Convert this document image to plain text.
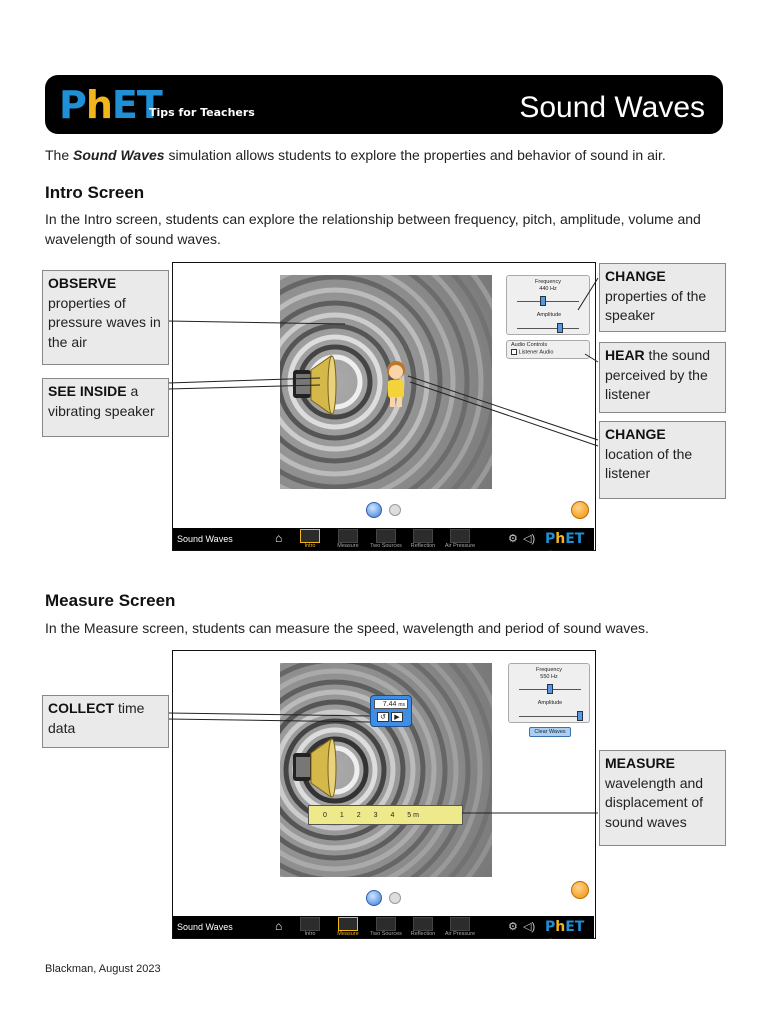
PhET
Tips for Teachers	Sound Waves
The Sound Waves simulation allows students to explore the properties and behavior of sound in air.
Intro Screen
In the Intro screen, students can explore the relationship between frequency, pitch, amplitude, volume and wavelength of sound waves.
Frequency
440 Hz
Amplitude
Audio Controls
Listener Audio
Sound Waves	⌂
Intro	Measure	Two Sources	Reflection	Air Pressure
⚙ ◁) PhET ⋮
OBSERVE
properties of pressure waves in the air
SEE INSIDE a vibrating speaker
CHANGE
properties of the speaker
HEAR the sound perceived by the listener
CHANGE
location of the listener
Measure Screen
In the Measure screen, students can measure the speed, wavelength and period of sound waves.
7.44 ms
↺	▶
0 1 2 3 4 5 m
Frequency
550 Hz
Amplitude
Clear Waves
Sound Waves	⌂
Intro	Measure	Two Sources	Reflection	Air Pressure
⚙ ◁) PhET ⋮
COLLECT time data
MEASURE
wavelength and displacement of sound waves
Blackman, August 2023
